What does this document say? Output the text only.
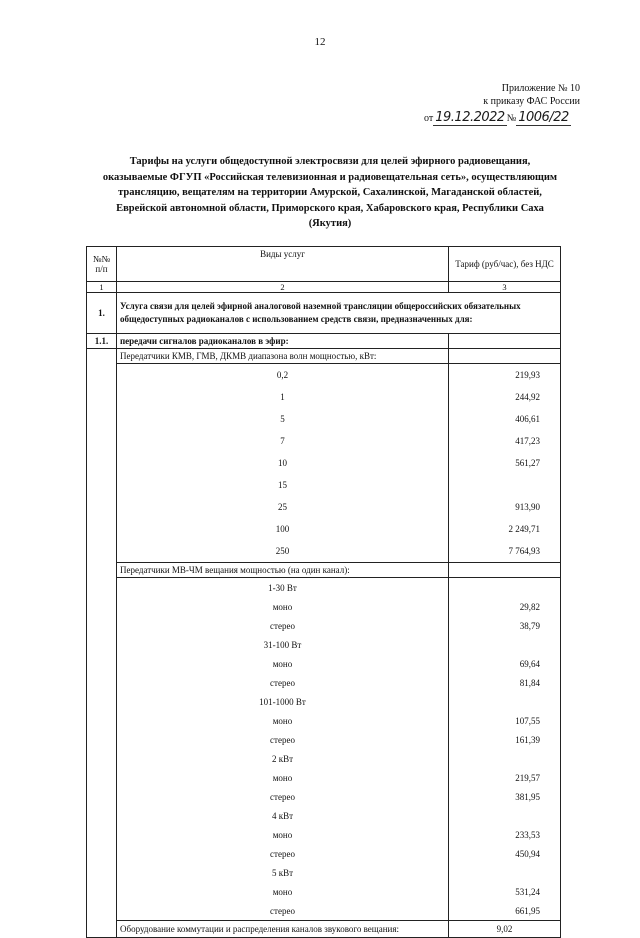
12
Приложение № 10
к приказу ФАС России
от 19.12.2022 № 1006/22
Тарифы на услуги общедоступной электросвязи для целей эфирного радиовещания, оказываемые ФГУП «Российская телевизионная и радиовещательная сеть», осуществляющим трансляцию, вещателям на территории Амурской, Сахалинской, Магаданской областей, Еврейской автономной области, Приморского края, Хабаровского края, Республики Саха (Якутия)
№№ п/п	Виды услуг	Тариф (руб/час), без НДС
1	2	3
1.	Услуга связи для целей эфирной аналоговой наземной трансляции общероссийских обязательных общедоступных радиоканалов с использованием средств связи, предназначенных для:	
1.1.	передачи сигналов радиоканалов в эфир:	
	Передатчики КМВ, ГМВ, ДКМВ диапазона волн мощностью, кВт:	
	0,2	219,93
	1	244,92
	5	406,61
	7	417,23
	10	561,27
	15	
	25	913,90
	100	2 249,71
	250	7 764,93
	Передатчики МВ-ЧМ вещания мощностью (на один канал):	
	1-30 Вт	
	моно	29,82
	стерео	38,79
	31-100 Вт	
	моно	69,64
	стерео	81,84
	101-1000 Вт	
	моно	107,55
	стерео	161,39
	2 кВт	
	моно	219,57
	стерео	381,95
	4 кВт	
	моно	233,53
	стерео	450,94
	5 кВт	
	моно	531,24
	стерео	661,95
	Оборудование коммутации и распределения каналов звукового вещания:	9,02
